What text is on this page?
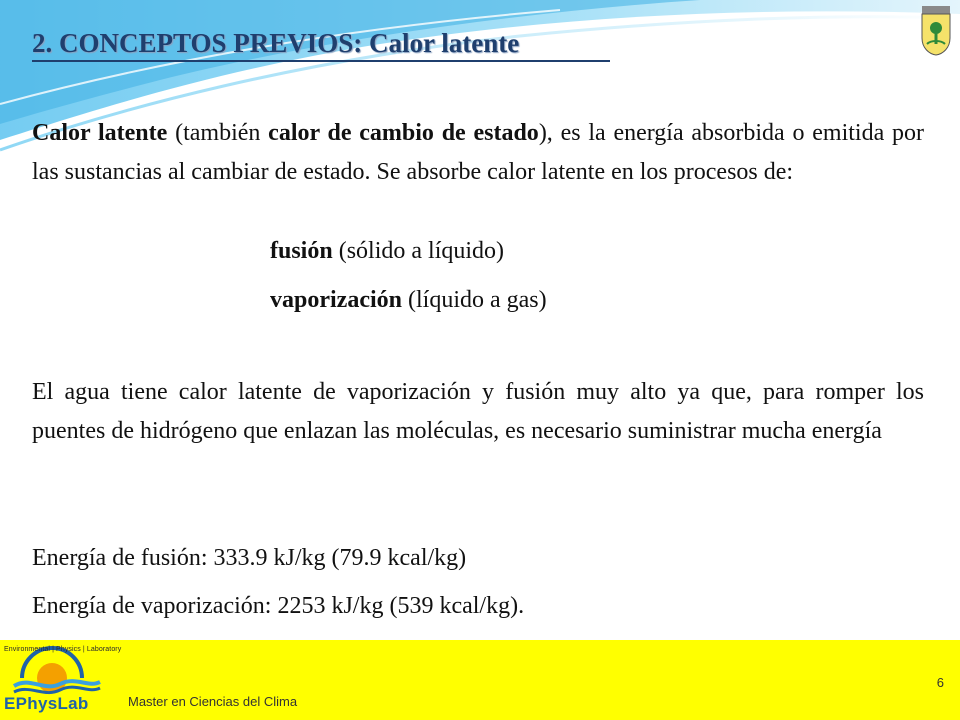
2. CONCEPTOS PREVIOS: Calor latente
Calor latente (también calor de cambio de estado), es la energía absorbida o emitida por las sustancias al cambiar de estado. Se absorbe calor latente en los procesos de:
fusión (sólido a líquido)
vaporización (líquido a gas)
El agua tiene calor latente de vaporización y fusión muy alto ya que, para romper los puentes de hidrógeno que enlazan las moléculas, es necesario suministrar mucha energía
Energía de fusión: 333.9 kJ/kg (79.9 kcal/kg)
Energía de vaporización: 2253 kJ/kg (539 kcal/kg).
Environmental | Physics | Laboratory
EPhysLab	Master en Ciencias del Clima
6
